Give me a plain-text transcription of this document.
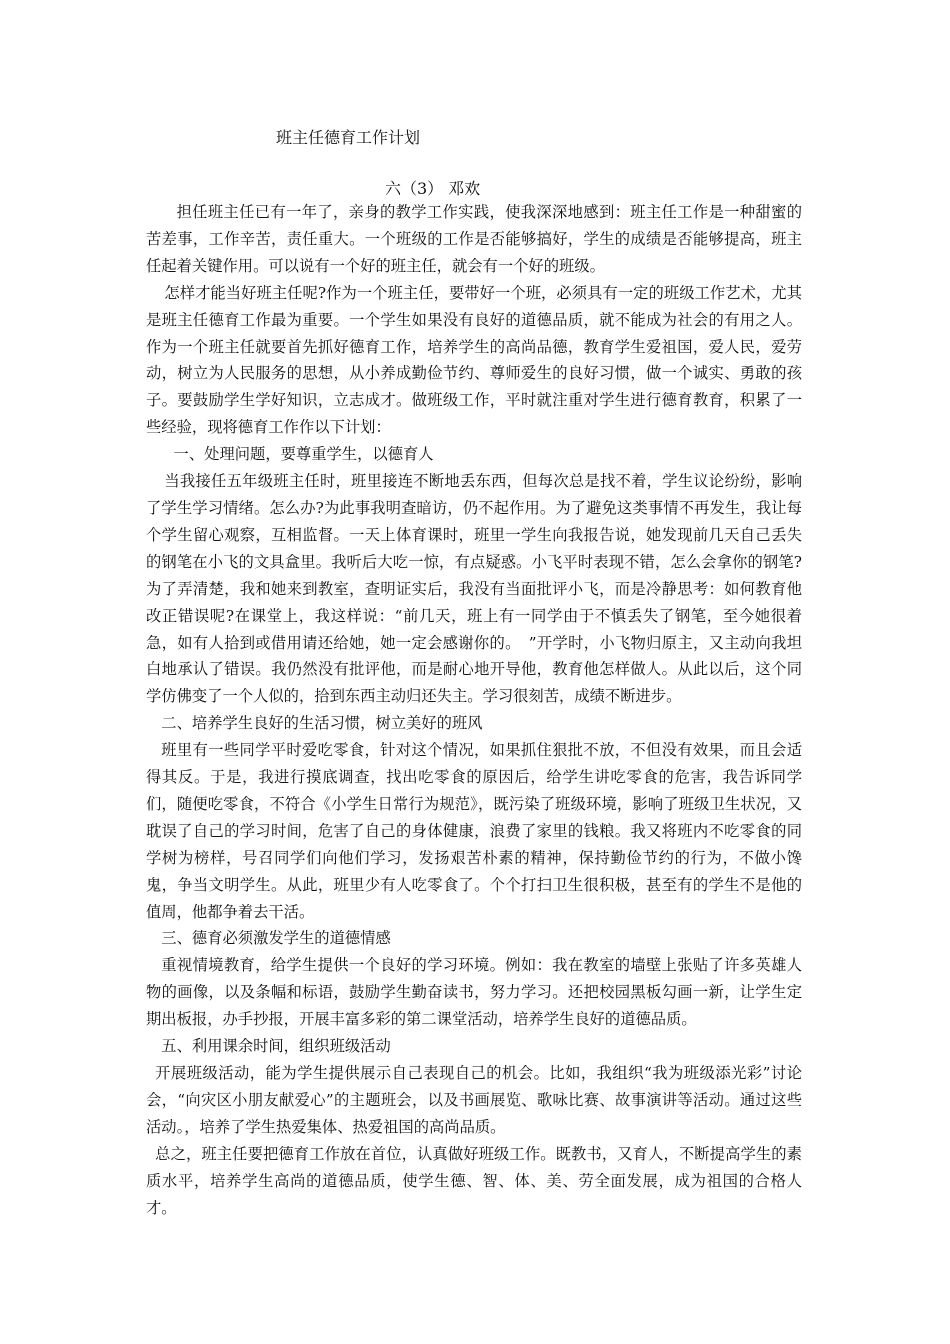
班主任德育工作计划
六（3） 邓欢

担任班主任已有一年了，亲身的教学工作实践，使我深深地感到：班主任工作是一种甜蜜的苦差事，工作辛苦，责任重大。一个班级的工作是否能够搞好，学生的成绩是否能够提高，班主任起着关键作用。可以说有一个好的班主任，就会有一个好的班级。

怎样才能当好班主任呢?作为一个班主任，要带好一个班，必须具有一定的班级工作艺术，尤其是班主任德育工作最为重要。一个学生如果没有良好的道德品质，就不能成为社会的有用之人。作为一个班主任就要首先抓好德育工作，培养学生的高尚品德，教育学生爱祖国，爱人民，爱劳动，树立为人民服务的思想，从小养成勤俭节约、尊师爱生的良好习惯，做一个诚实、勇敢的孩子。要鼓励学生学好知识，立志成才。做班级工作，平时就注重对学生进行德育教育，积累了一些经验，现将德育工作作以下计划：

一、处理问题，要尊重学生，以德育人

当我接任五年级班主任时，班里接连不断地丢东西，但每次总是找不着，学生议论纷纷，影响了学生学习情绪。怎么办?为此事我明查暗访，仍不起作用。为了避免这类事情不再发生，我让每个学生留心观察，互相监督。一天上体育课时，班里一学生向我报告说，她发现前几天自己丢失的钢笔在小飞的文具盒里。我听后大吃一惊，有点疑惑。小飞平时表现不错，怎么会拿你的钢笔?为了弄清楚，我和她来到教室，查明证实后，我没有当面批评小飞，而是冷静思考：如何教育他改正错误呢?在课堂上，我这样说：“前几天，班上有一同学由于不慎丢失了钢笔，至今她很着急，如有人拾到或借用请还给她，她一定会感谢你的。　”开学时，小飞物归原主，又主动向我坦白地承认了错误。我仍然没有批评他，而是耐心地开导他，教育他怎样做人。从此以后，这个同学仿佛变了一个人似的，拾到东西主动归还失主。学习很刻苦，成绩不断进步。

二、培养学生良好的生活习惯，树立美好的班风

班里有一些同学平时爱吃零食，针对这个情况，如果抓住狠批不放，不但没有效果，而且会适得其反。于是，我进行摸底调查，找出吃零食的原因后，给学生讲吃零食的危害，我告诉同学们，随便吃零食，不符合《小学生日常行为规范》，既污染了班级环境，影响了班级卫生状况，又耽误了自己的学习时间，危害了自己的身体健康，浪费了家里的钱粮。我又将班内不吃零食的同学树为榜样，号召同学们向他们学习，发扬艰苦朴素的精神，保持勤俭节约的行为，不做小馋鬼，争当文明学生。从此，班里少有人吃零食了。个个打扫卫生很积极，甚至有的学生不是他的值周，他都争着去干活。

三、德育必须激发学生的道德情感

重视情境教育，给学生提供一个良好的学习环境。例如：我在教室的墙壁上张贴了许多英雄人物的画像，以及条幅和标语，鼓励学生勤奋读书，努力学习。还把校园黑板勾画一新，让学生定期出板报，办手抄报，开展丰富多彩的第二课堂活动，培养学生良好的道德品质。

五、利用课余时间，组织班级活动

开展班级活动，能为学生提供展示自己表现自己的机会。比如，我组织“我为班级添光彩”讨论会，“向灾区小朋友献爱心”的主题班会，以及书画展览、歌咏比赛、故事演讲等活动。通过这些活动。，培养了学生热爱集体、热爱祖国的高尚品质。

总之，班主任要把德育工作放在首位，认真做好班级工作。既教书，又育人，不断提高学生的素质水平，培养学生高尚的道德品质，使学生德、智、体、美、劳全面发展，成为祖国的合格人才。
